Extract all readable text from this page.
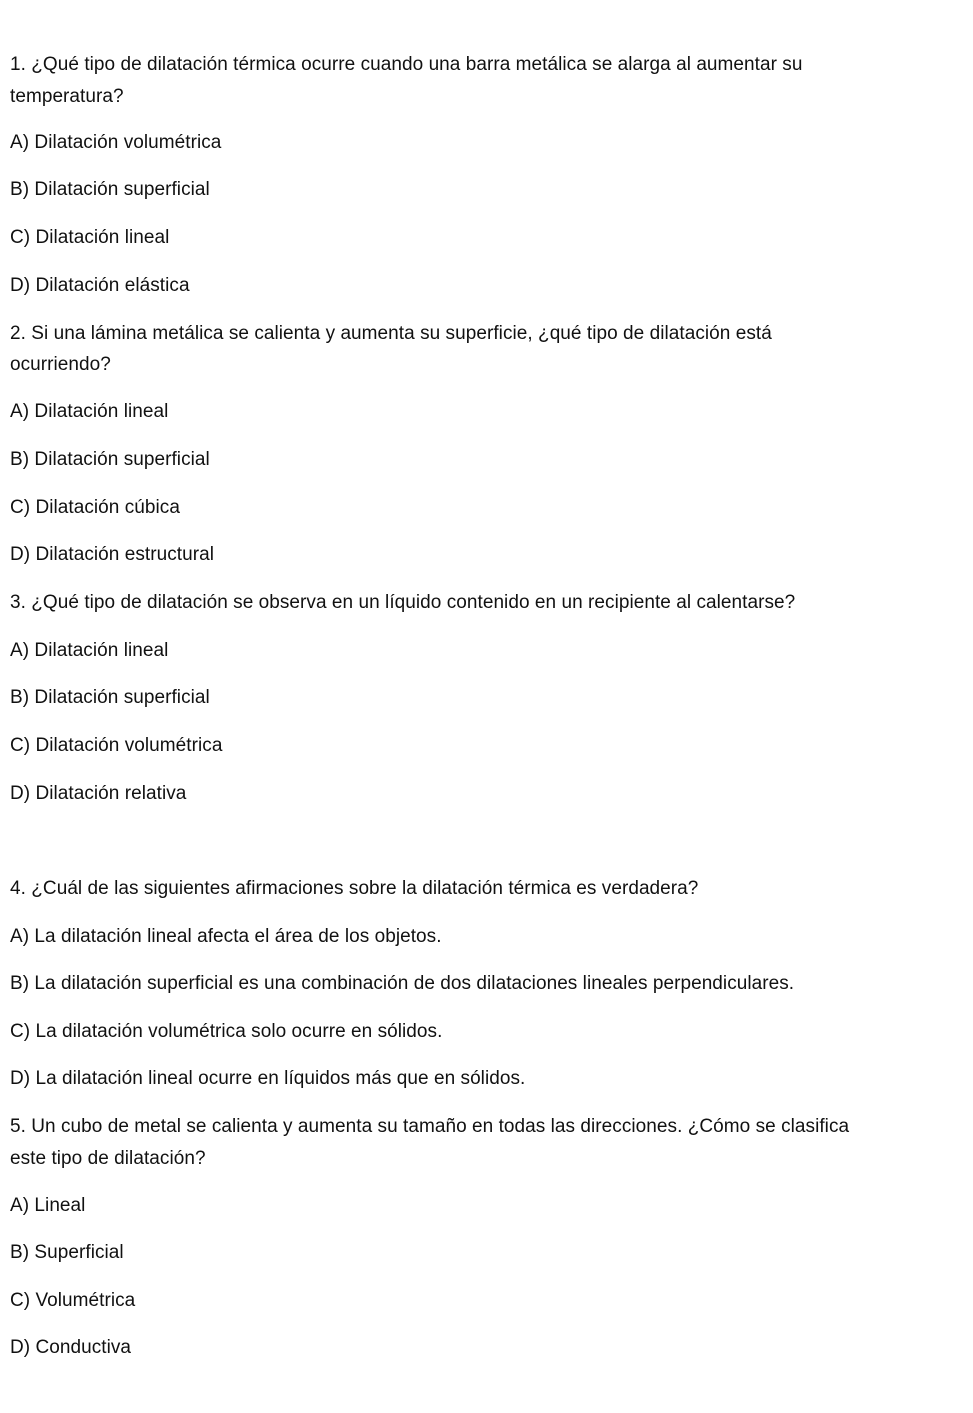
1. ¿Qué tipo de dilatación térmica ocurre cuando una barra metálica se alarga al aumentar su
temperatura?
A) Dilatación volumétrica
B) Dilatación superficial
C) Dilatación lineal
D) Dilatación elástica
2. Si una lámina metálica se calienta y aumenta su superficie, ¿qué tipo de dilatación está
ocurriendo?
A) Dilatación lineal
B) Dilatación superficial
C) Dilatación cúbica
D) Dilatación estructural
3. ¿Qué tipo de dilatación se observa en un líquido contenido en un recipiente al calentarse?
A) Dilatación lineal
B) Dilatación superficial
C) Dilatación volumétrica
D) Dilatación relativa
4. ¿Cuál de las siguientes afirmaciones sobre la dilatación térmica es verdadera?
A) La dilatación lineal afecta el área de los objetos.
B) La dilatación superficial es una combinación de dos dilataciones lineales perpendiculares.
C) La dilatación volumétrica solo ocurre en sólidos.
D) La dilatación lineal ocurre en líquidos más que en sólidos.
5. Un cubo de metal se calienta y aumenta su tamaño en todas las direcciones. ¿Cómo se clasifica
este tipo de dilatación?
A) Lineal
B) Superficial
C) Volumétrica
D) Conductiva
